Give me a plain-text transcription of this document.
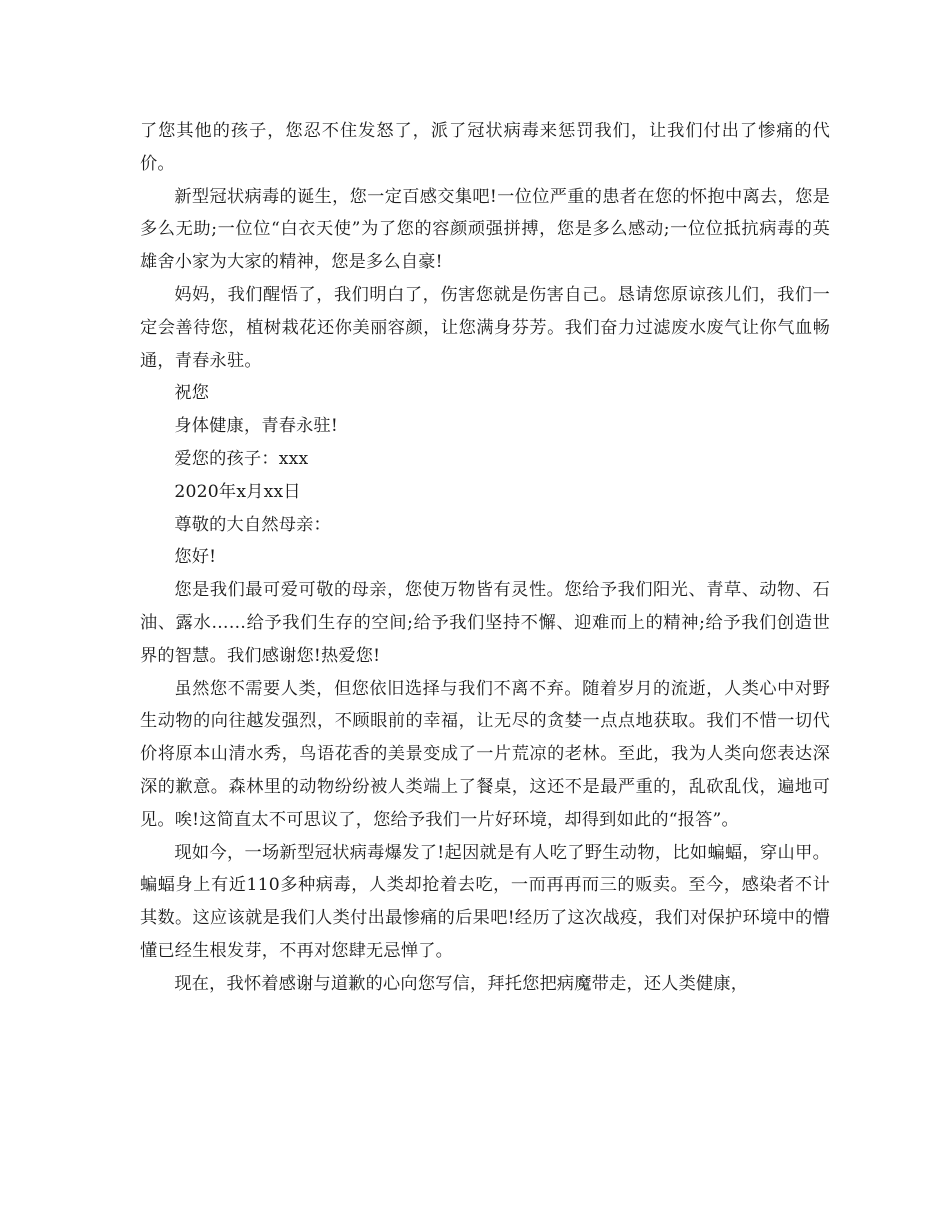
了您其他的孩子，您忍不住发怒了，派了冠状病毒来惩罚我们，让我们付出了惨痛的代价。

新型冠状病毒的诞生，您一定百感交集吧!一位位严重的患者在您的怀抱中离去，您是多么无助;一位位“白衣天使”为了您的容颜顽强拼搏，您是多么感动;一位位抵抗病毒的英雄舍小家为大家的精神，您是多么自豪!

妈妈，我们醒悟了，我们明白了，伤害您就是伤害自己。恳请您原谅孩儿们，我们一定会善待您，植树栽花还你美丽容颜，让您满身芬芳。我们奋力过滤废水废气让你气血畅通，青春永驻。

祝您

身体健康，青春永驻!

爱您的孩子：xxx

2020年x月xx日

尊敬的大自然母亲：

您好!

您是我们最可爱可敬的母亲，您使万物皆有灵性。您给予我们阳光、青草、动物、石油、露水……给予我们生存的空间;给予我们坚持不懈、迎难而上的精神;给予我们创造世界的智慧。我们感谢您!热爱您!

虽然您不需要人类，但您依旧选择与我们不离不弃。随着岁月的流逝，人类心中对野生动物的向往越发强烈，不顾眼前的幸福，让无尽的贪婪一点点地获取。我们不惜一切代价将原本山清水秀，鸟语花香的美景变成了一片荒凉的老林。至此，我为人类向您表达深深的歉意。森林里的动物纷纷被人类端上了餐桌，这还不是最严重的，乱砍乱伐，遍地可见。唉!这简直太不可思议了，您给予我们一片好环境，却得到如此的“报答”。

现如今，一场新型冠状病毒爆发了!起因就是有人吃了野生动物，比如蝙蝠，穿山甲。蝙蝠身上有近110多种病毒，人类却抢着去吃，一而再再而三的贩卖。至今，感染者不计其数。这应该就是我们人类付出最惨痛的后果吧!经历了这次战疫，我们对保护环境中的懵懂已经生根发芽，不再对您肆无忌惮了。

现在，我怀着感谢与道歉的心向您写信，拜托您把病魔带走，还人类健康，
